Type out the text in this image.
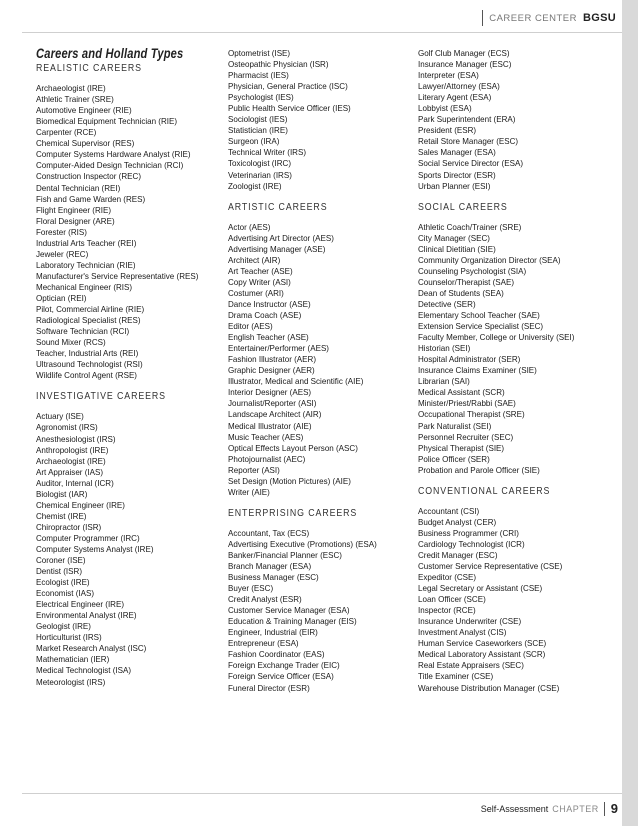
CAREER CENTER BGSU
Careers and Holland Types
REALISTIC CAREERS
Archaeologist (IRE)
Athletic Trainer (SRE)
Automotive Engineer (RIE)
Biomedical Equipment Technician (RIE)
Carpenter (RCE)
Chemical Supervisor (RES)
Computer Systems Hardware Analyst (RIE)
Computer-Aided Design Technician (RCI)
Construction Inspector (REC)
Dental Technician (REI)
Fish and Game Warden (RES)
Flight Engineer (RIE)
Floral Designer (ARE)
Forester (RIS)
Industrial Arts Teacher (REI)
Jeweler (REC)
Laboratory Technician (RIE)
Manufacturer's Service Representative (RES)
Mechanical Engineer (RIS)
Optician (REI)
Pilot, Commercial Airline (RIE)
Radiological Specialist (RES)
Software Technician (RCI)
Sound Mixer (RCS)
Teacher, Industrial Arts (REI)
Ultrasound Technologist (RSI)
Wildlife Control Agent (RSE)
INVESTIGATIVE CAREERS
Actuary (ISE)
Agronomist (IRS)
Anesthesiologist (IRS)
Anthropologist (IRE)
Archaeologist (IRE)
Art Appraiser (IAS)
Auditor, Internal (ICR)
Biologist (IAR)
Chemical Engineer (IRE)
Chemist (IRE)
Chiropractor (ISR)
Computer Programmer (IRC)
Computer Systems Analyst (IRE)
Coroner (ISE)
Dentist (ISR)
Ecologist (IRE)
Economist (IAS)
Electrical Engineer (IRE)
Environmental Analyst (IRE)
Geologist (IRE)
Horticulturist (IRS)
Market Research Analyst (ISC)
Mathematician (IER)
Medical Technologist (ISA)
Meteorologist (IRS)
Optometrist (ISE)
Osteopathic Physician (ISR)
Pharmacist (IES)
Physician, General Practice (ISC)
Psychologist (IES)
Public Health Service Officer (IES)
Sociologist (IES)
Statistician (IRE)
Surgeon (IRA)
Technical Writer (IRS)
Toxicologist (IRC)
Veterinarian (IRS)
Zoologist (IRE)
ARTISTIC CAREERS
Actor (AES)
Advertising Art Director (AES)
Advertising Manager (ASE)
Architect (AIR)
Art Teacher (ASE)
Copy Writer (ASI)
Costumer (ARI)
Dance Instructor (ASE)
Drama Coach (ASE)
Editor (AES)
English Teacher (ASE)
Entertainer/Performer (AES)
Fashion Illustrator (AER)
Graphic Designer (AER)
Illustrator, Medical and Scientific (AIE)
Interior Designer (AES)
Journalist/Reporter (ASI)
Landscape Architect (AIR)
Medical Illustrator (AIE)
Music Teacher (AES)
Optical Effects Layout Person (ASC)
Photojournalist (AEC)
Reporter (ASI)
Set Design (Motion Pictures) (AIE)
Writer (AIE)
ENTERPRISING CAREERS
Accountant, Tax (ECS)
Advertising Executive (Promotions) (ESA)
Banker/Financial Planner (ESC)
Branch Manager (ESA)
Business Manager (ESC)
Buyer (ESC)
Credit Analyst (ESR)
Customer Service Manager (ESA)
Education & Training Manager (EIS)
Engineer, Industrial (EIR)
Entrepreneur (ESA)
Fashion Coordinator (EAS)
Foreign Exchange Trader (EIC)
Foreign Service Officer (ESA)
Funeral Director (ESR)
Golf Club Manager (ECS)
Insurance Manager (ESC)
Interpreter (ESA)
Lawyer/Attorney (ESA)
Literary Agent (ESA)
Lobbyist (ESA)
Park Superintendent (ERA)
President (ESR)
Retail Store Manager (ESC)
Sales Manager (ESA)
Social Service Director (ESA)
Sports Director (ESR)
Urban Planner (ESI)
SOCIAL CAREERS
Athletic Coach/Trainer (SRE)
City Manager (SEC)
Clinical Dietitian (SIE)
Community Organization Director (SEA)
Counseling Psychologist (SIA)
Counselor/Therapist (SAE)
Dean of Students (SEA)
Detective (SER)
Elementary School Teacher (SAE)
Extension Service Specialist (SEC)
Faculty Member, College or University (SEI)
Historian (SEI)
Hospital Administrator (SER)
Insurance Claims Examiner (SIE)
Librarian (SAI)
Medical Assistant (SCR)
Minister/Priest/Rabbi (SAE)
Occupational Therapist (SRE)
Park Naturalist (SEI)
Personnel Recruiter (SEC)
Physical Therapist (SIE)
Police Officer (SER)
Probation and Parole Officer (SIE)
CONVENTIONAL CAREERS
Accountant (CSI)
Budget Analyst (CER)
Business Programmer (CRI)
Cardiology Technologist (ICR)
Credit Manager (ESC)
Customer Service Representative (CSE)
Expeditor (CSE)
Legal Secretary or Assistant (CSE)
Loan Officer (SCE)
Inspector (RCE)
Insurance Underwriter (CSE)
Investment Analyst (CIS)
Human Service Caseworkers (SCE)
Medical Laboratory Assistant (SCR)
Real Estate Appraisers (SEC)
Title Examiner (CSE)
Warehouse Distribution Manager (CSE)
Self-Assessment CHAPTER 9
